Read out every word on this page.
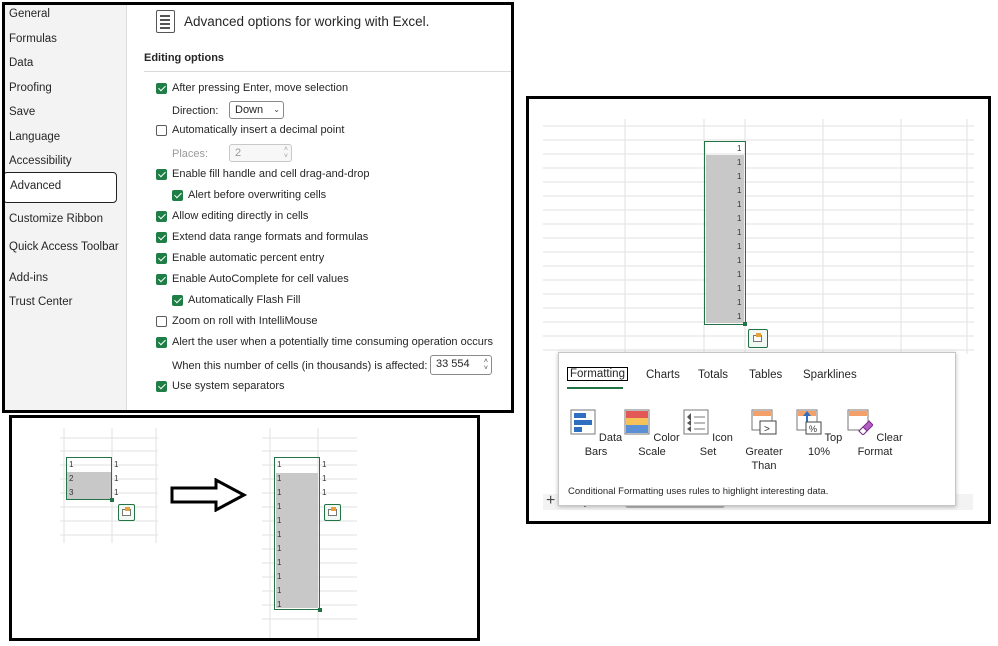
General
Formulas
Data
Proofing
Save
Language
Accessibility
Advanced
Customize Ribbon
Quick Access Toolbar
Add-ins
Trust Center
Advanced options for working with Excel.
Editing options
After pressing Enter, move selection
Direction:	Down ⌄
Automatically insert a decimal point
Places:	2	˄
˅
Enable fill handle and cell drag-and-drop
Alert before overwriting cells
Allow editing directly in cells
Extend data range formats and formulas
Enable automatic percent entry
Enable AutoComplete for cell values
Automatically Flash Fill
Zoom on roll with IntelliMouse
Alert the user when a potentially time consuming operation occurs
When this number of cells (in thousands) is affected: 33 554 ˄
˅
Use system separators
1
2
3
1
1
1
1
1
1
1
1
1
1
1
1
1
1
1
1
1
1
1
1
1
1
1
1
1
1
1
1
1
1
+
Formatting Charts Totals Tables Sparklines
Data Bars
Color Scale
Icon Set
>
Greater Than
%
Top 10%
Clear Format
Conditional Formatting uses rules to highlight interesting data.
